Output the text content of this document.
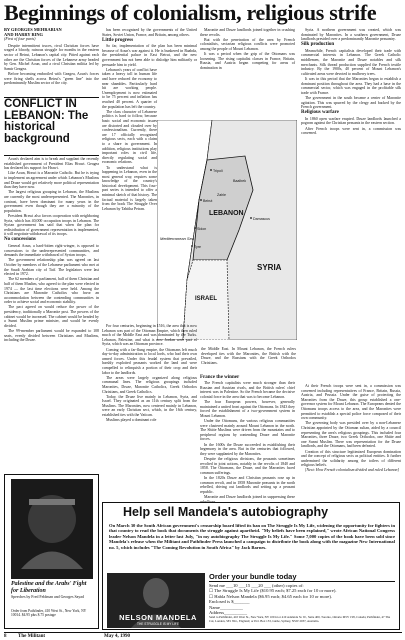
Beginnings of colonialism, religious strife
BY GEORGES MEHRABIAN
AND HARRY RING
(First of four parts)

Despite intermittent truces, rival Christian forces have waged a bloody, ruinous struggle for months in the eastern sector of Beirut, Lebanon's capital city. Pitted against each other are the Christian forces of the Lebanese army headed by Gen. Michel Aoun, and a rival Christian militia led by Samir Geagea.

Before becoming embroiled with Geagea, Aoun's forces were firing shells across Beirut's "green line" into the predominantly Muslim sector of the city.

CONFLICT IN LEBANON: The historical background

Aoun's declared aim is to break and supplant the recently established government of President Elias Hrawi. Geagea has declared his support for Hrawi.

Like Aoun, Hrawi is a Maronite Catholic. But he is trying to implement an agreement under which Lebanon's Muslims and Druze would get relatively more political representation than they have now.

The largest religious grouping in Lebanon, the Muslims are currently the most underrepresented. The Maronites, in contrast, have been dominant for many years in the government even though they are a minority of the population.

President Hrawi also favors cooperation with neighboring Syria, which has 40,000 occupation troops in Lebanon. The Syrian government has said that when the plan for redistribution of government representation is implemented, it will negotiate withdrawal of its troops.

No concessions

General Aoun, a hard-bitten right-winger, is opposed to concessions to the underrepresented communities, and demands the immediate withdrawal of Syrian troops.

The government relationship plan was agreed on last October by members of the Lebanese parliament who met at the Saudi Arabian city of Taif. The legislators were last elected in 1972.

The 62 members of parliament, half of them Christian and half of them Muslim, who agreed to the plan were elected in 1974 — the last time elections were held. Among the Christians are Maronite Catholics who favor an accommodation between the contending communities in order to achieve social and economic stability.

The pact agreed on would reduce the power of the presidency, traditionally a Maronite post. The powers of the cabinet would be increased. The cabinet would be headed by a Sunni Muslim prime minister, and would be evenly divided.

The 99-member parliament would be expanded to 108 seats, evenly divided between Christians and Muslims, including the Druze.

Palestine and the Arabs' Fight for Liberation
Speeches by Fred Feldman and Georges Sayad
Order from Pathfinder, 410 West St., New York, NY 10014. $4.95 plus $.75 postage

has been recognized by the governments of the United States, Soviet Union, France, and Britain, among others.

Little progress

So far, implementation of the plan has been minimal because of Aoun's war against it. He is bunkered in Baabda, the presidential palace in East Beirut, and the new government has not been able to dislodge him militarily or persuade him to yield.

Lebanon's years of conflict have taken a heavy toll in human life and have reduced the economy to near shambles. Particularly hard hit are working people. Unemployment is now estimated to be 75 percent and inflation has reached 40 percent. A quarter of the population has left the country.

The class character of Lebanese politics is hard to follow, because basic social and economic issues are distorted and clouded over by confessionalism. Currently, there are 17 officially recognized religious sects, each with a claim to a share in government. In addition, religious institutions play important roles in civil life, directly regulating social and economic relations.

To understand what is happening in Lebanon, even in the most general way, requires some knowledge of the country's historical development. This four-part series is intended to offer a minimal sketch of that history. The factual material is largely taken from the book The Struggle Over Lebanon by Tabitha Petran.

Maronite and Druze landlords joined together in crushing these revolts.

But with the penetration of the area by French colonialists, sectarian religious conflicts were promoted among the people of Mount Lebanon.

It was a period when the grip of the Ottomans was loosening. The rising capitalist classes in France, Britain, Russia, and Austria began competing for areas of domination in

LEBANON
SYRIA
ISRAEL
Mediterranean Sea
Tripoli
Beirut
Sidon
Tyre
Damascus
Baalbek
Zahle
the Middle East. In Mount Lebanon, the French rulers developed ties with the Maronites, the British with the Druze, and the Russians with the Greek Orthodox Christians.

Syria. A northern government was created, which was dominated by Maronites. In a southern government, Druze landlords presided over a predominantly Maronite peasantry.

Silk production

Meanwhile, French capitalists developed their trade with commercial interests in Lebanon. The Greek Catholic middlemen, the Maronite and Druze notables and silk merchants. Silk thread production supplied the French textile industry. By the 1900s, 40 percent of Mount Lebanon's cultivated areas were devoted to mulberry trees.

It was in this period that the Maronites began to establish a dominant position throughout the area. They had a base in the commercial sector, which was engaged in the profitable silk trade with France.

The government in the south became a center of Maronite agitation. This was spurred by the clergy and backed by the French government.

Religious warfare

In 1860 open warfare erupted. Druze landlords launched a pogrom against the Christian peasants in the eastern section.

After French troops were sent in, a commission was convened.

For four centuries, beginning in 1516, the area that is now Lebanon was part of the Ottoman Empire, which then ruled much of the Middle East and was dominated by the Turks. Lebanon, Palestine, and what is now Jordan were part of Syria, which was an Ottoman province.

Coming with a far-flung empire, the Ottomans left much day-to-day administration to local lords, who had their own armed forces. Under this feudal system that prevailed, harshly exploited peasants worked the land and were compelled to relinquish a portion of their crop and their labor to the landlords.

The areas were largely organized along religious communal lines. The religious groupings included Maronites, Druze, Maronite Catholics, Greek Orthodox Christians, and Greek Catholics.

Today, the Druze live mainly in Lebanon, Syria, and Israel. They originated as an 11th century split from the Muslims. The Maronites, now centered mainly in Lebanon, were an early Christian sect, which, in the 16th century, established ties with the Vatican.

Muslims played a dominant role

France the winner

The French capitalists were much stronger than their Russian and Austrian rivals, and the British rulers' chief interest was in Palestine. So the French became the decisive colonial force in the area that was to become Lebanon.

The four European powers, however, generally maintained a united front against the Ottomans. In 1843 they forced the establishment of a two-government system in Mount Lebanon.

Under the Ottomans, the various religious communities were clustered mainly around Mount Lebanon in the north. The Shiite Muslims were driven from the mountains and to peripheral regions by contending Druze and Maronite forces.

In the 1600s the Druze succeeded in establishing their hegemony in the area. But in the centuries that followed, they were supplanted by the Maronites.

Despite the religious divisions, the peasants sometimes revolted in joint actions, notably in the revolts of 1840 and 1858. The Ottomans, the Druze, and the Maronites faced common sufferings.

In the 1820s Druze and Christian peasants rose up in common revolt, and in 1858 Maronite peasants in the north rebelled, driving out landlords and setting up a peasant republic.

Maronite and Druze landlords joined in suppressing these rebellions.

At their French troops were sent in, a commission was convened including representatives of France, Britain, Russia, Austria, and Prussia. Under the guise of protecting the Maronites from the Druze, this group established a one-governor system for Mount Lebanon. The Europeans denied the Ottomans troops access to the area, and the Maronites were permitted to establish a special police force composed of their own community.

The governing body was presided over by a non-Lebanese Christian appointed by the Ottoman sultan, aided by a council representing the area's religious groupings. This included four Maronites, three Druze, two Greek Orthodox, one Shiite and one Sunni Muslim. There was representation for the Druze landlords, and the Ottomans, had been defeated.

Creation of this structure legitimized European domination and the concept of religious sects as political entities. It further undermined the solidarity among the toilers of different religious beliefs.

[Next: How French colonialism divided and ruled Lebanon]

Help sell Mandela's autobiography
On March 30 the South African government's censorship board lifted its ban on The Struggle Is My Life, widening the opportunity for fighters in that country to read the book that documents the struggle against apartheid. "My beliefs have been explained," wrote African National Congress leader Nelson Mandela in a letter last July, "in my autobiography The Struggle Is My Life." Some 7,000 copies of the book have been sold since Mandela's release when the Militant and Pathfinder Press launched a campaign to distribute the book along with the magazine New International no. 5, which includes "The Coming Revolution in South Africa" by Jack Barnes.
NELSON MANDELA
THE STRUGGLE IS MY LIFE
Order your bundle today
Send me ___10 ___15 ___20 ___ (other) copies of:
☐ The Struggle Is My Life ($10.95 each; $7.25 each for 10 or more).
☐ Habla Nelson Mandela ($6.95 each; $4.65 each for 10 or more).
Enclosed is $_______
Name__________
Address__________
Send to Pathfinder, 410 West St., New York, NY 10014 or 410 Adelaide St. W., Suite 400, Toronto, Ontario M5V 1S8, Canada; Pathfinder, 47 The Cut, London, SE1 8LL, England; or P.O. Box 153, Glebe, Sydney, NSW 2037, Australia.
8 The Militant	May 4, 1990
